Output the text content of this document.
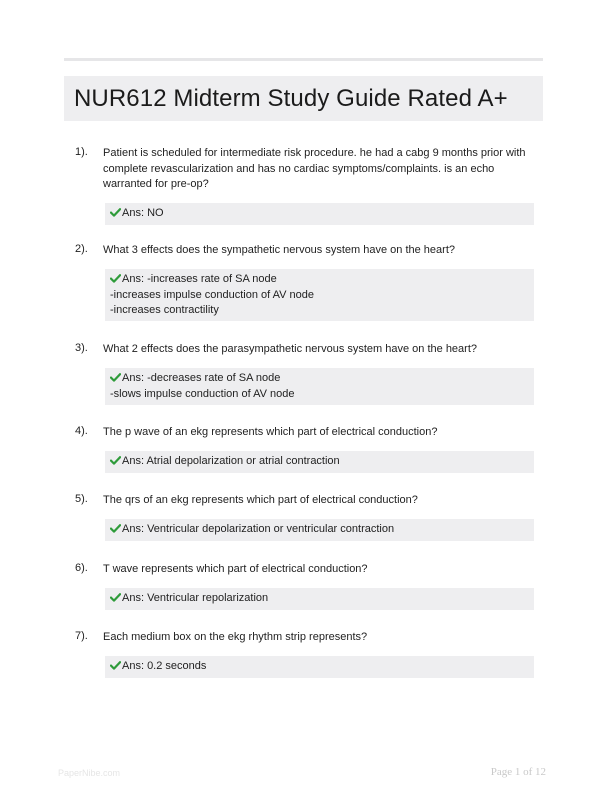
NUR612 Midterm Study Guide Rated A+
1). Patient is scheduled for intermediate risk procedure. he had a cabg 9 months prior with complete revascularization and has no cardiac symptoms/complaints. is an echo warranted for pre-op?
Ans: NO
2). What 3 effects does the sympathetic nervous system have on the heart?
Ans: -increases rate of SA node
-increases impulse conduction of AV node
-increases contractility
3). What 2 effects does the parasympathetic nervous system have on the heart?
Ans: -decreases rate of SA node
-slows impulse conduction of AV node
4). The p wave of an ekg represents which part of electrical conduction?
Ans: Atrial depolarization or atrial contraction
5). The qrs of an ekg represents which part of electrical conduction?
Ans: Ventricular depolarization or ventricular contraction
6). T wave represents which part of electrical conduction?
Ans: Ventricular repolarization
7). Each medium box on the ekg rhythm strip represents?
Ans: 0.2 seconds
PaperNibe.com	Page 1 of 12
